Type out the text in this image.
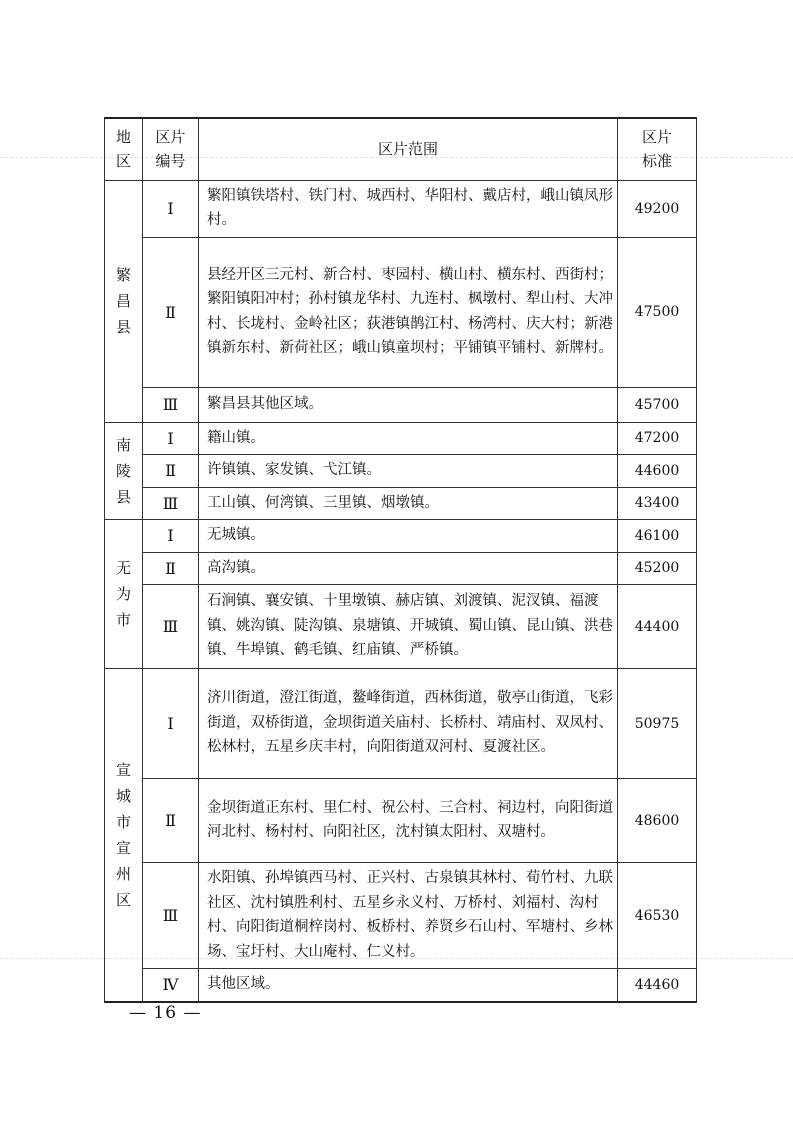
地区	区片编号	区片范围	区片标准
繁昌县	Ⅰ	繁阳镇铁塔村、铁门村、城西村、华阳村、戴店村，峨山镇凤形村。	49200
	Ⅱ	县经开区三元村、新合村、枣园村、横山村、横东村、西街村；繁阳镇阳冲村；孙村镇龙华村、九连村、枫墩村、犁山村、大冲村、长垅村、金岭社区；荻港镇鹊江村、杨湾村、庆大村；新港镇新东村、新荷社区；峨山镇童坝村；平铺镇平铺村、新牌村。	47500
	Ⅲ	繁昌县其他区域。	45700
南陵县	Ⅰ	籍山镇。	47200
	Ⅱ	许镇镇、家发镇、弋江镇。	44600
	Ⅲ	工山镇、何湾镇、三里镇、烟墩镇。	43400
无为市	Ⅰ	无城镇。	46100
	Ⅱ	高沟镇。	45200
	Ⅲ	石涧镇、襄安镇、十里墩镇、赫店镇、刘渡镇、泥汊镇、福渡镇、姚沟镇、陡沟镇、泉塘镇、开城镇、蜀山镇、昆山镇、洪巷镇、牛埠镇、鹤毛镇、红庙镇、严桥镇。	44400
宣城市宣州区	Ⅰ	济川街道，澄江街道，鳌峰街道，西林街道，敬亭山街道，飞彩街道，双桥街道，金坝街道关庙村、长桥村、靖庙村、双凤村、松林村，五星乡庆丰村，向阳街道双河村、夏渡社区。	50975
	Ⅱ	金坝街道正东村、里仁村、祝公村、三合村、祠边村，向阳街道河北村、杨村村、向阳社区，沈村镇太阳村、双塘村。	48600
	Ⅲ	水阳镇、孙埠镇西马村、正兴村、古泉镇其林村、荀竹村、九联社区、沈村镇胜利村、五星乡永义村、万桥村、刘福村、沟村村、向阳街道桐梓岗村、板桥村、养贤乡石山村、军塘村、乡林场、宝圩村、大山庵村、仁义村。	46530
	Ⅳ	其他区域。	44460
— 16 —
